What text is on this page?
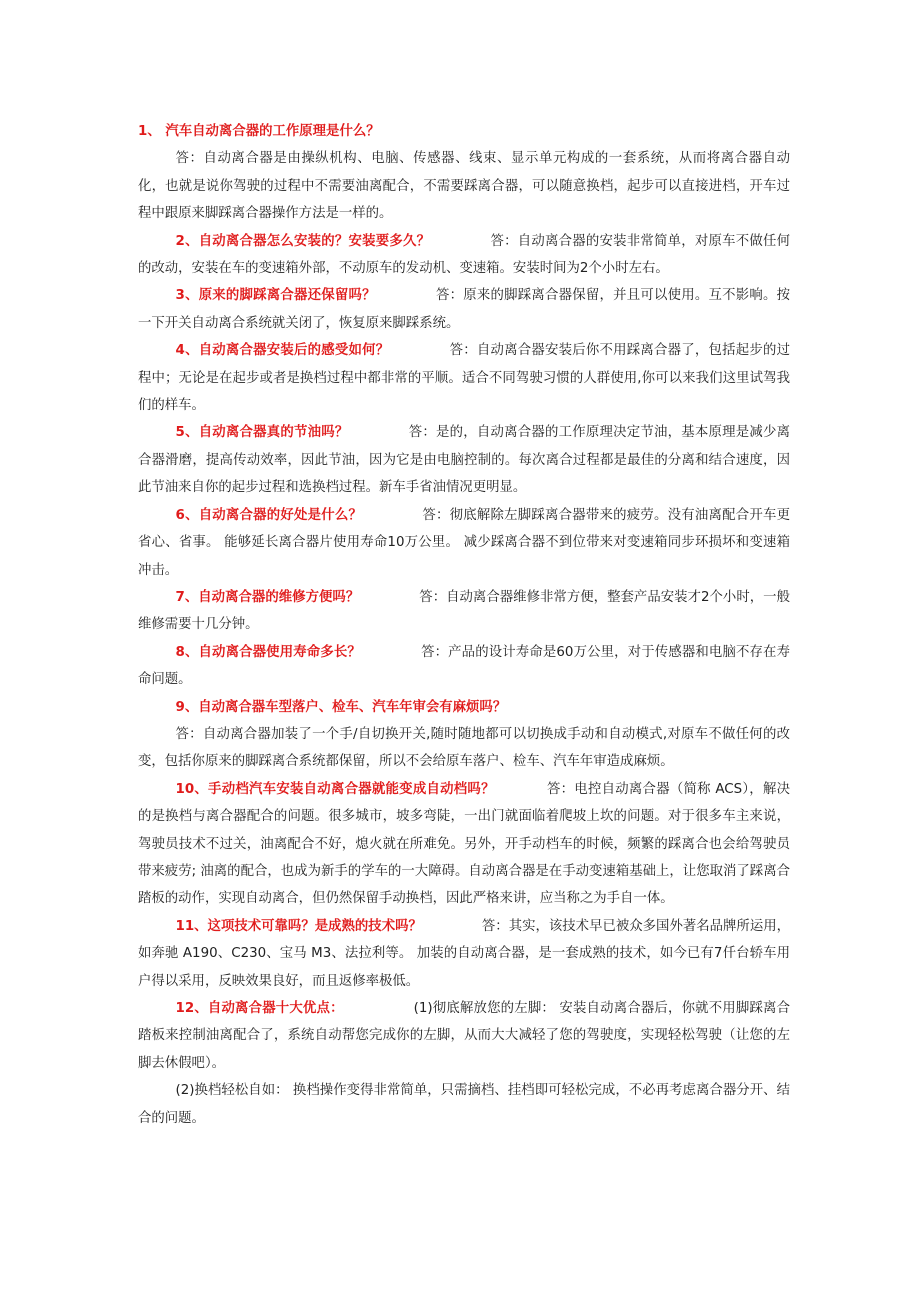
1、 汽车自动离合器的工作原理是什么？

答：自动离合器是由操纵机构、电脑、传感器、线束、显示单元构成的一套系统，从而将离合器自动化，也就是说你驾驶的过程中不需要油离配合，不需要踩离合器，可以随意换档，起步可以直接进档，开车过程中跟原来脚踩离合器操作方法是一样的。

2、自动离合器怎么安装的？安装要多久？	答：自动离合器的安装非常简单，对原车不做任何的改动，安装在车的变速箱外部，不动原车的发动机、变速箱。安装时间为2个小时左右。

3、原来的脚踩离合器还保留吗？	答：原来的脚踩离合器保留，并且可以使用。互不影响。按一下开关自动离合系统就关闭了，恢复原来脚踩系统。

4、自动离合器安装后的感受如何？	答：自动离合器安装后你不用踩离合器了，包括起步的过程中；无论是在起步或者是换档过程中都非常的平顺。适合不同驾驶习惯的人群使用,你可以来我们这里试驾我们的样车。

5、自动离合器真的节油吗？	答：是的，自动离合器的工作原理决定节油，基本原理是减少离合器滑磨，提高传动效率，因此节油，因为它是由电脑控制的。每次离合过程都是最佳的分离和结合速度，因此节油来自你的起步过程和选换档过程。新车手省油情况更明显。

6、自动离合器的好处是什么？	答：彻底解除左脚踩离合器带来的疲劳。没有油离配合开车更省心、省事。 能够延长离合器片使用寿命10万公里。 减少踩离合器不到位带来对变速箱同步环损坏和变速箱冲击。

7、自动离合器的维修方便吗？	答：自动离合器维修非常方便，整套产品安装才2个小时，一般维修需要十几分钟。

8、自动离合器使用寿命多长？	答：产品的设计寿命是60万公里，对于传感器和电脑不存在寿命问题。

9、自动离合器车型落户、检车、汽车年审会有麻烦吗？

答：自动离合器加装了一个手/自切换开关,随时随地都可以切换成手动和自动模式,对原车不做任何的改变，包括你原来的脚踩离合系统都保留，所以不会给原车落户、检车、汽车年审造成麻烦。

10、手动档汽车安装自动离合器就能变成自动档吗？	答：电控自动离合器（简称 ACS），解决的是换档与离合器配合的问题。很多城市，坡多弯陡，一出门就面临着爬坡上坎的问题。对于很多车主来说，驾驶员技术不过关，油离配合不好，熄火就在所难免。另外，开手动档车的时候，频繁的踩离合也会给驾驶员带来疲劳; 油离的配合，也成为新手的学车的一大障碍。自动离合器是在手动变速箱基础上，让您取消了踩离合踏板的动作，实现自动离合，但仍然保留手动换档，因此严格来讲，应当称之为手自一体。

11、这项技术可靠吗？是成熟的技术吗？	答：其实，该技术早已被众多国外著名品牌所运用，如奔驰 A190、C230、宝马 M3、法拉利等。 加装的自动离合器，是一套成熟的技术，如今已有7仟台轿车用户得以采用，反映效果良好，而且返修率极低。

12、自动离合器十大优点：	(1)彻底解放您的左脚： 安装自动离合器后，你就不用脚踩离合踏板来控制油离配合了，系统自动帮您完成你的左脚，从而大大减轻了您的驾驶度，实现轻松驾驶（让您的左脚去休假吧）。

(2)换档轻松自如： 换档操作变得非常简单，只需摘档、挂档即可轻松完成，不必再考虑离合器分开、结合的问题。
